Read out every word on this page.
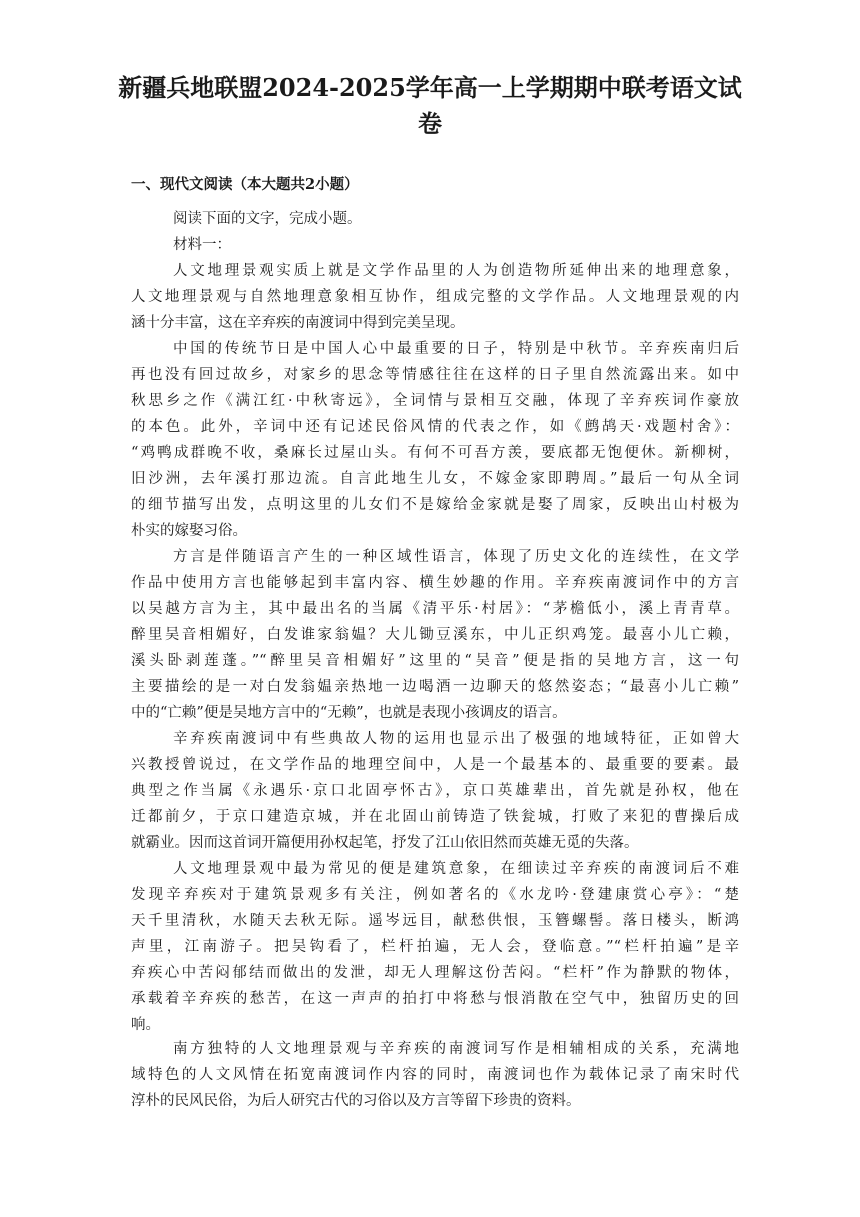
新疆兵地联盟2024-2025学年高一上学期期中联考语文试
卷
一、现代文阅读（本大题共2小题）
阅读下面的文字，完成小题。
材料一：
人文地理景观实质上就是文学作品里的人为创造物所延伸出来的地理意象，
人文地理景观与自然地理意象相互协作，组成完整的文学作品。人文地理景观的内
涵十分丰富，这在辛弃疾的南渡词中得到完美呈现。
中国的传统节日是中国人心中最重要的日子，特别是中秋节。辛弃疾南归后
再也没有回过故乡，对家乡的思念等情感往往在这样的日子里自然流露出来。如中
秋思乡之作《满江红·中秋寄远》，全词情与景相互交融，体现了辛弃疾词作豪放
的本色。此外，辛词中还有记述民俗风情的代表之作，如《鹧鸪天·戏题村舍》：
“鸡鸭成群晚不收，桑麻长过屋山头。有何不可吾方羡，要底都无饱便休。新柳树，
旧沙洲，去年溪打那边流。自言此地生儿女，不嫁金家即聘周。”最后一句从全词
的细节描写出发，点明这里的儿女们不是嫁给金家就是娶了周家，反映出山村极为
朴实的嫁娶习俗。
方言是伴随语言产生的一种区域性语言，体现了历史文化的连续性，在文学
作品中使用方言也能够起到丰富内容、横生妙趣的作用。辛弃疾南渡词作中的方言
以吴越方言为主，其中最出名的当属《清平乐·村居》：“茅檐低小，溪上青青草。
醉里吴音相媚好，白发谁家翁媪？大儿锄豆溪东，中儿正织鸡笼。最喜小儿亡赖，
溪头卧剥莲蓬。”“醉里吴音相媚好”这里的“吴音”便是指的吴地方言，这一句
主要描绘的是一对白发翁媪亲热地一边喝酒一边聊天的悠然姿态；“最喜小儿亡赖”
中的“亡赖”便是吴地方言中的“无赖”，也就是表现小孩调皮的语言。
辛弃疾南渡词中有些典故人物的运用也显示出了极强的地域特征，正如曾大
兴教授曾说过，在文学作品的地理空间中，人是一个最基本的、最重要的要素。最
典型之作当属《永遇乐·京口北固亭怀古》，京口英雄辈出，首先就是孙权，他在
迁都前夕，于京口建造京城，并在北固山前铸造了铁瓮城，打败了来犯的曹操后成
就霸业。因而这首词开篇便用孙权起笔，抒发了江山依旧然而英雄无觅的失落。
人文地理景观中最为常见的便是建筑意象，在细读过辛弃疾的南渡词后不难
发现辛弃疾对于建筑景观多有关注，例如著名的《水龙吟·登建康赏心亭》：“楚
天千里清秋，水随天去秋无际。遥岑远目，献愁供恨，玉簪螺髻。落日楼头，断鸿
声里，江南游子。把吴钩看了，栏杆拍遍，无人会，登临意。”“栏杆拍遍”是辛
弃疾心中苦闷郁结而做出的发泄，却无人理解这份苦闷。“栏杆”作为静默的物体，
承载着辛弃疾的愁苦，在这一声声的拍打中将愁与恨消散在空气中，独留历史的回
响。
南方独特的人文地理景观与辛弃疾的南渡词写作是相辅相成的关系，充满地
域特色的人文风情在拓宽南渡词作内容的同时，南渡词也作为载体记录了南宋时代
淳朴的民风民俗，为后人研究古代的习俗以及方言等留下珍贵的资料。
